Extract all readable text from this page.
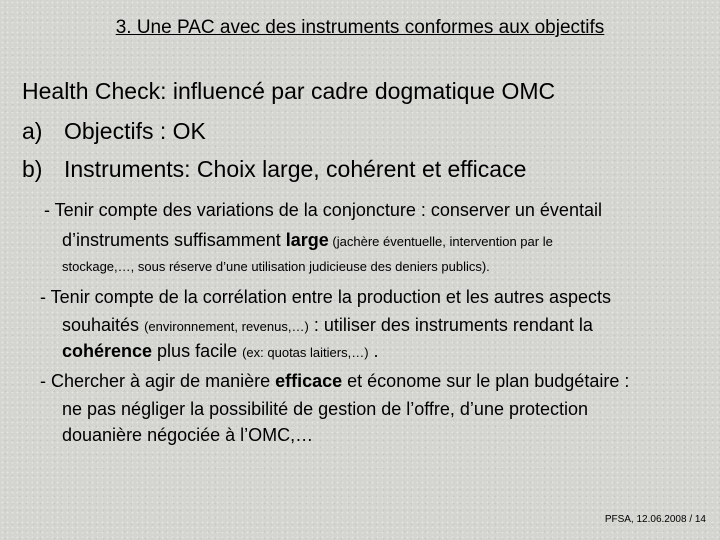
3. Une PAC avec des instruments conformes aux objectifs
Health Check: influencé par cadre dogmatique OMC
a) Objectifs : OK
b) Instruments: Choix large, cohérent et efficace
- Tenir compte des variations de la conjoncture : conserver un éventail
d’instruments suffisamment large (jachère éventuelle, intervention par le
stockage,…, sous réserve d’une utilisation judicieuse des deniers publics).
- Tenir compte de la corrélation entre la production et les autres aspects
souhaités (environnement, revenus,…) : utiliser des instruments rendant la
cohérence plus facile (ex: quotas laitiers,…) .
- Chercher à agir de manière efficace et économe sur le plan budgétaire :
ne pas négliger la possibilité de gestion de l’offre, d’une protection
douanière négociée à l’OMC,…
PFSA, 12.06.2008 / 14
